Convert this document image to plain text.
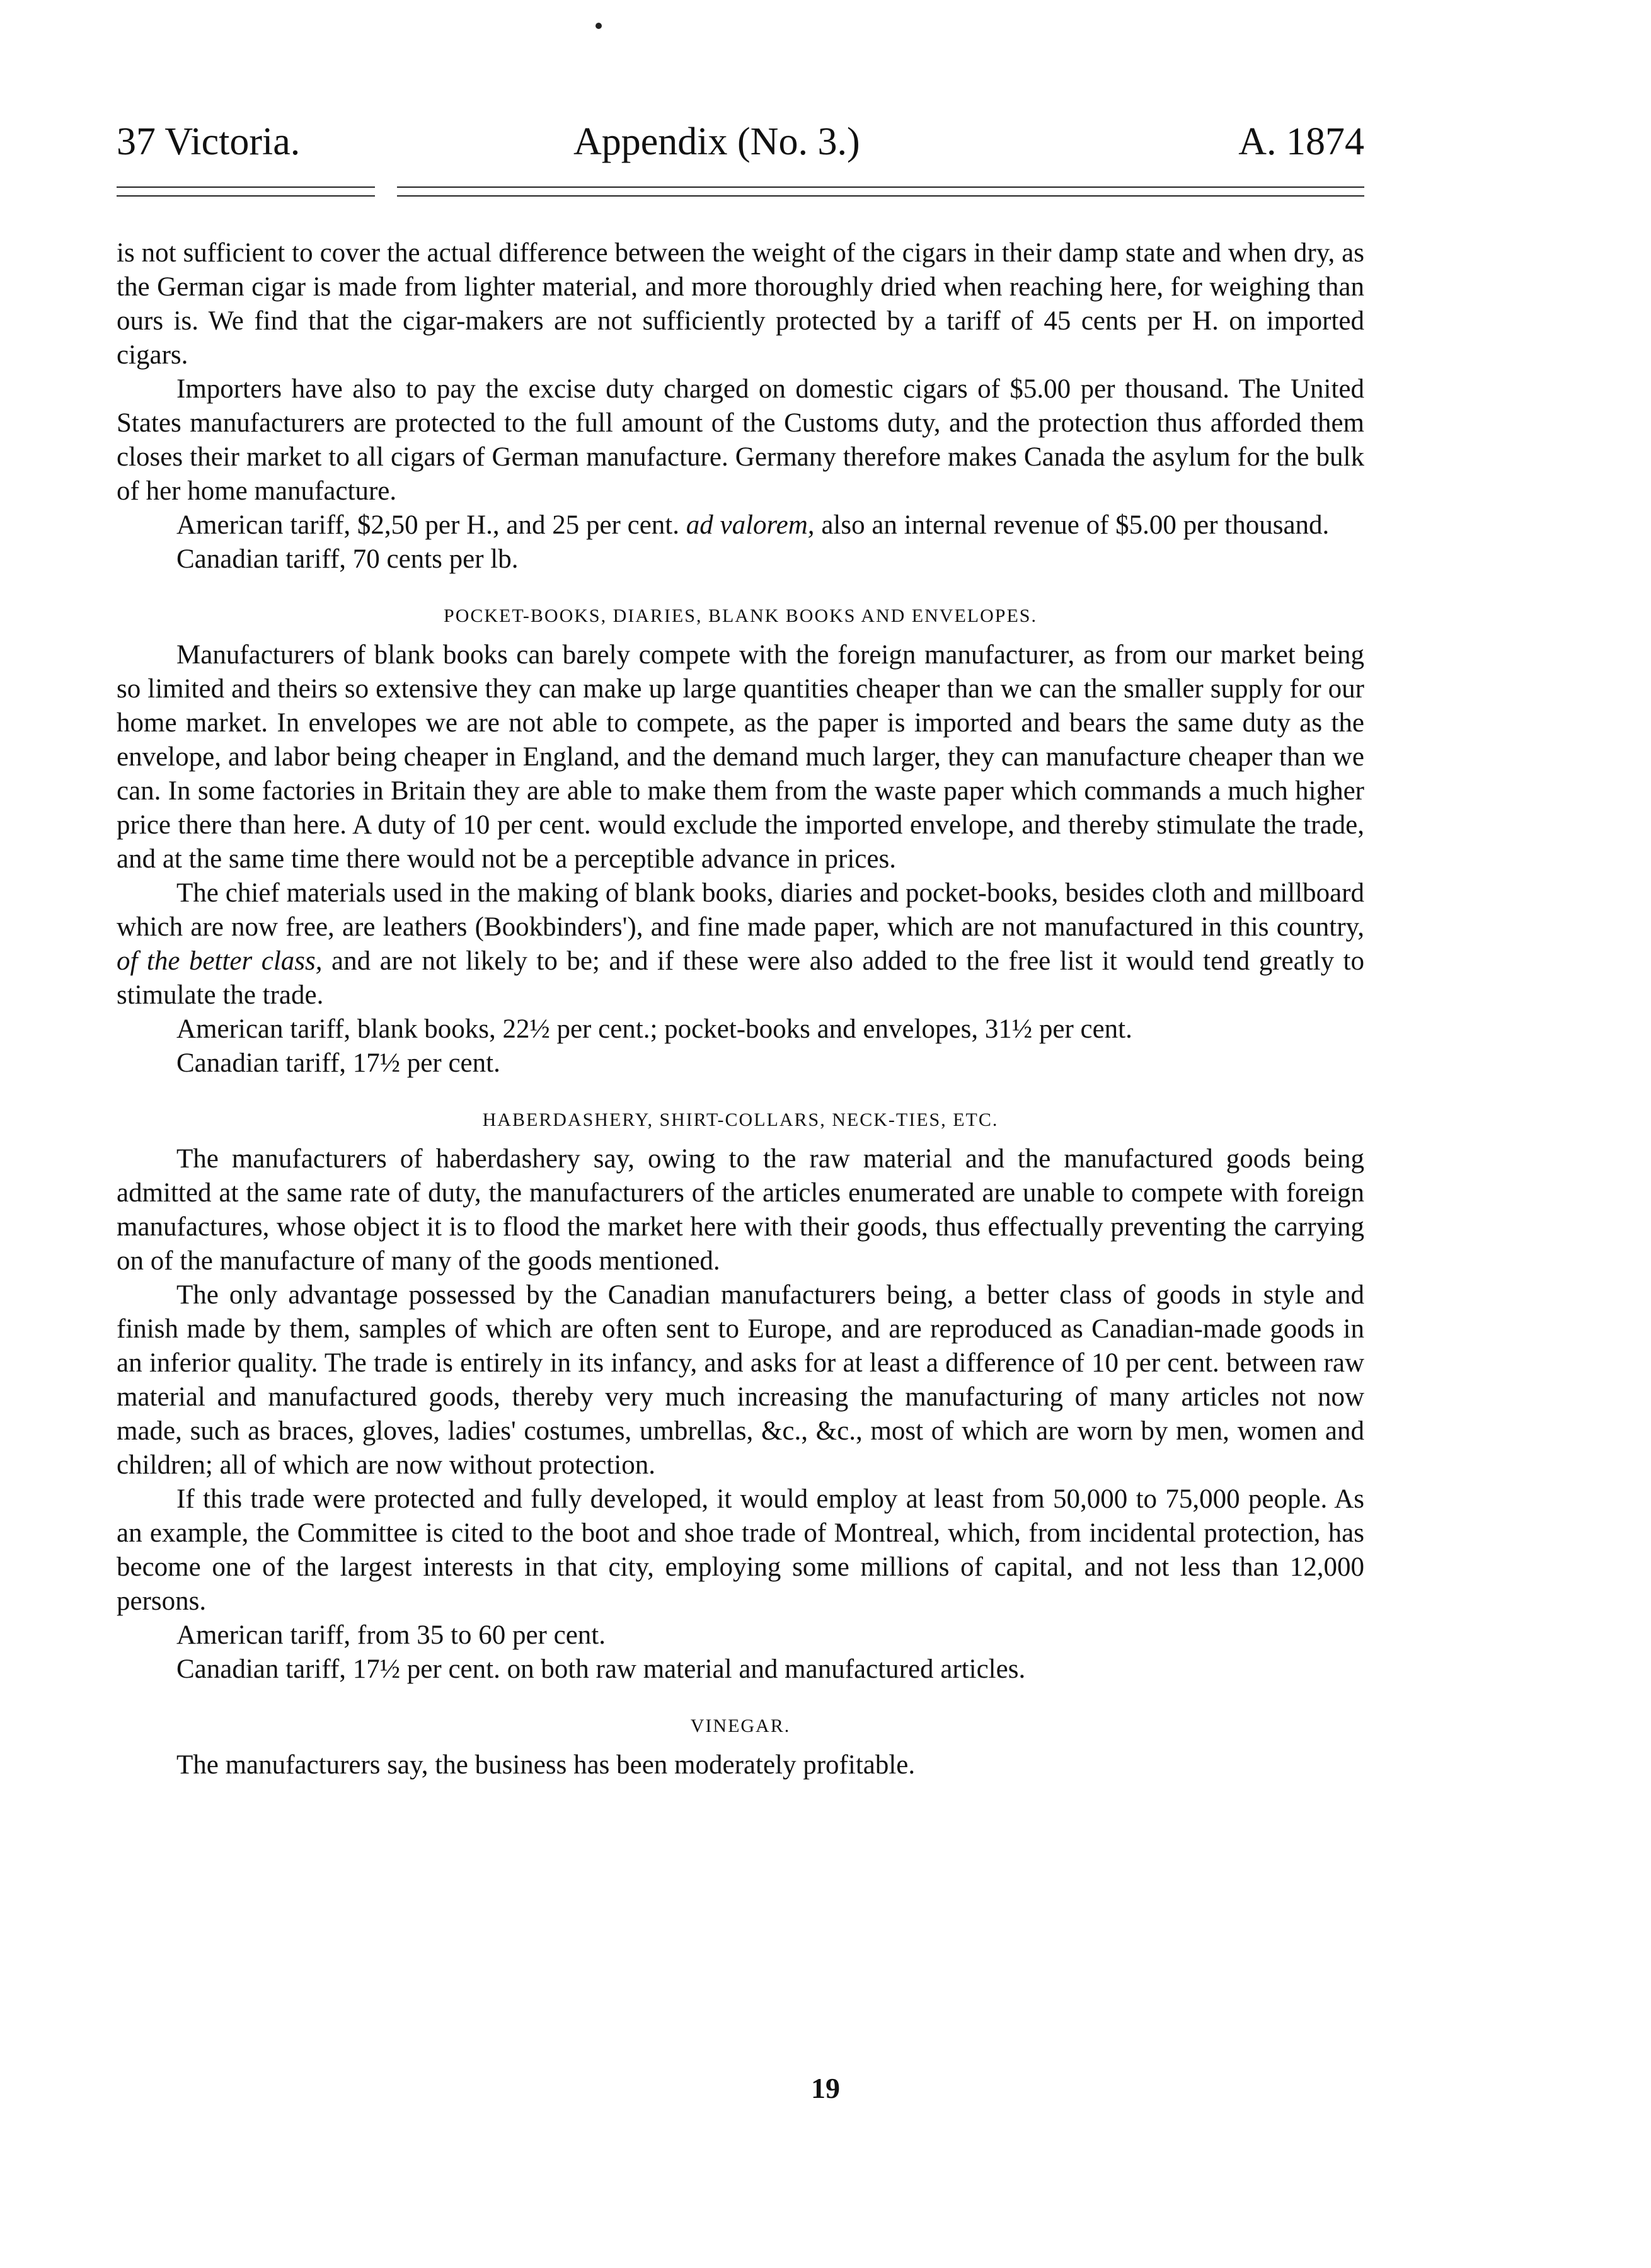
37 Victoria.	Appendix (No. 3.)	A. 1874

is not sufficient to cover the actual difference between the weight of the cigars in their damp state and when dry, as the German cigar is made from lighter material, and more thoroughly dried when reaching here, for weighing than ours is. We find that the cigar-makers are not sufficiently protected by a tariff of 45 cents per H. on imported cigars.

Importers have also to pay the excise duty charged on domestic cigars of $5.00 per thousand. The United States manufacturers are protected to the full amount of the Customs duty, and the protection thus afforded them closes their market to all cigars of German manufacture. Germany therefore makes Canada the asylum for the bulk of her home manufacture.

American tariff, $2,50 per H., and 25 per cent. ad valorem, also an internal revenue of $5.00 per thousand.

Canadian tariff, 70 cents per lb.

POCKET-BOOKS, DIARIES, BLANK BOOKS AND ENVELOPES.

Manufacturers of blank books can barely compete with the foreign manufacturer, as from our market being so limited and theirs so extensive they can make up large quantities cheaper than we can the smaller supply for our home market. In envelopes we are not able to compete, as the paper is imported and bears the same duty as the envelope, and labor being cheaper in England, and the demand much larger, they can manufacture cheaper than we can. In some factories in Britain they are able to make them from the waste paper which commands a much higher price there than here. A duty of 10 per cent. would exclude the imported envelope, and thereby stimulate the trade, and at the same time there would not be a perceptible advance in prices.

The chief materials used in the making of blank books, diaries and pocket-books, besides cloth and millboard which are now free, are leathers (Bookbinders'), and fine made paper, which are not manufactured in this country, of the better class, and are not likely to be; and if these were also added to the free list it would tend greatly to stimulate the trade.

American tariff, blank books, 22½ per cent.; pocket-books and envelopes, 31½ per cent.

Canadian tariff, 17½ per cent.

HABERDASHERY, SHIRT-COLLARS, NECK-TIES, ETC.

The manufacturers of haberdashery say, owing to the raw material and the manufactured goods being admitted at the same rate of duty, the manufacturers of the articles enumerated are unable to compete with foreign manufactures, whose object it is to flood the market here with their goods, thus effectually preventing the carrying on of the manufacture of many of the goods mentioned.

The only advantage possessed by the Canadian manufacturers being, a better class of goods in style and finish made by them, samples of which are often sent to Europe, and are reproduced as Canadian-made goods in an inferior quality. The trade is entirely in its infancy, and asks for at least a difference of 10 per cent. between raw material and manufactured goods, thereby very much increasing the manufacturing of many articles not now made, such as braces, gloves, ladies' costumes, umbrellas, &c., &c., most of which are worn by men, women and children; all of which are now without protection.

If this trade were protected and fully developed, it would employ at least from 50,000 to 75,000 people. As an example, the Committee is cited to the boot and shoe trade of Montreal, which, from incidental protection, has become one of the largest interests in that city, employing some millions of capital, and not less than 12,000 persons.

American tariff, from 35 to 60 per cent.

Canadian tariff, 17½ per cent. on both raw material and manufactured articles.

VINEGAR.

The manufacturers say, the business has been moderately profitable.

19
